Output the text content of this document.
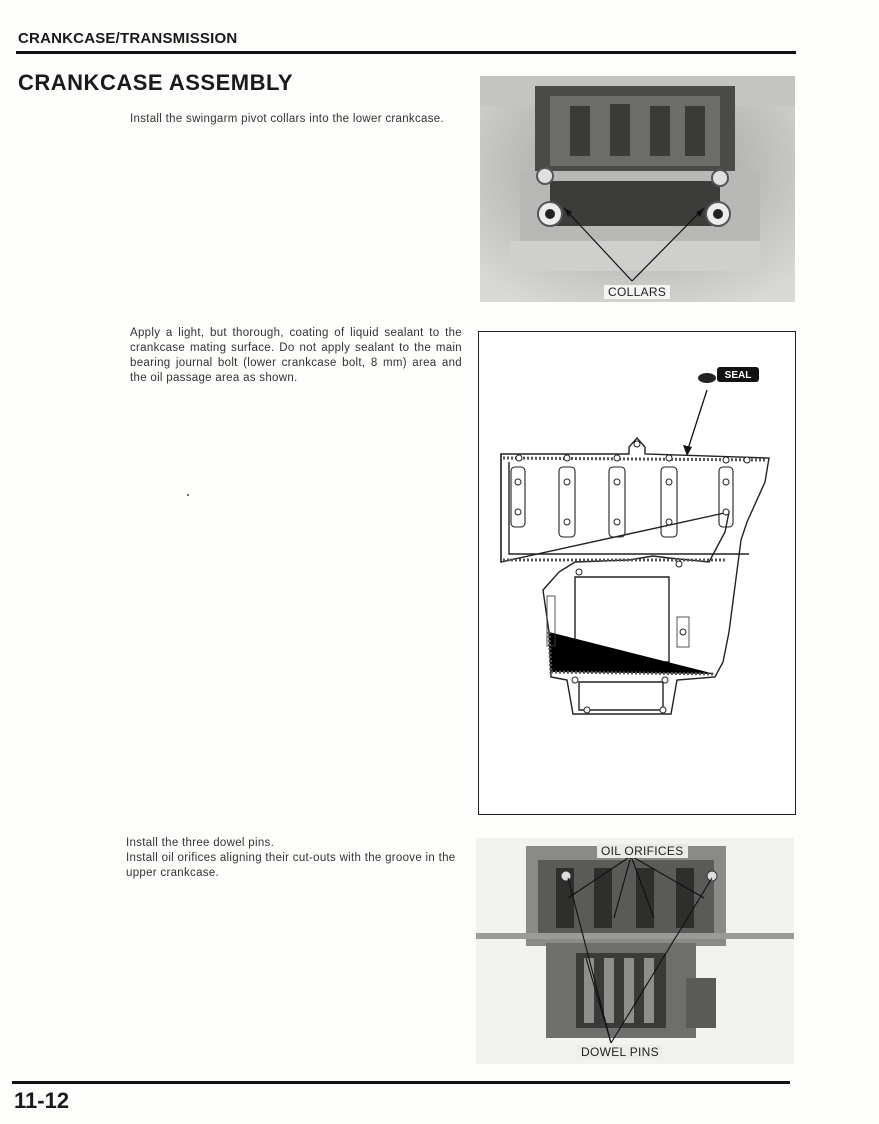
CRANKCASE/TRANSMISSION
CRANKCASE ASSEMBLY
Install the swingarm pivot collars into the lower crankcase.
Apply a light, but thorough, coating of liquid sealant to the crankcase mating surface. Do not apply sealant to the main bearing journal bolt (lower crankcase bolt, 8 mm) area and the oil passage area as shown.
Install the three dowel pins.
Install oil orifices aligning their cut-outs with the groove in the upper crankcase.
COLLARS
SEAL
OIL ORIFICES
DOWEL PINS
11-12
